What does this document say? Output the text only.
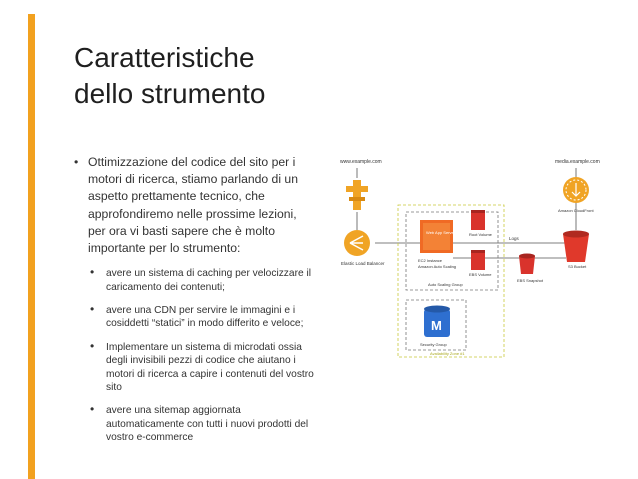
Caratteristiche
dello strumento
• Ottimizzazione del codice del sito per i motori di ricerca, stiamo parlando di un aspetto prettamente tecnico, che approfondiremo nelle prossime lezioni, per ora vi basti sapere che è molto importante per lo strumento:
• avere un sistema di caching per velocizzare il caricamento dei contenuti;
• avere una CDN per servire le immagini e i cosiddetti “statici” in modo differito e veloce;
• Implementare un sistema di microdati ossia degli invisibili pezzi di codice che aiutano i motori di ricerca a capire i contenuti del vostro sito
• avere una sitemap aggiornata automaticamente con tutti i nuovi prodotti del vostro e-commerce
www.example.com
Elastic Load Balancer
Web App Server
EC2 Instance
Amazon Auto Scaling
Auto Scaling Group
Root Volume
EBS Volume
EBS Snapshot
Logs
media.example.com
Amazon CloudFront
S3 Bucket
M
Security Group
Availability Zone #1
